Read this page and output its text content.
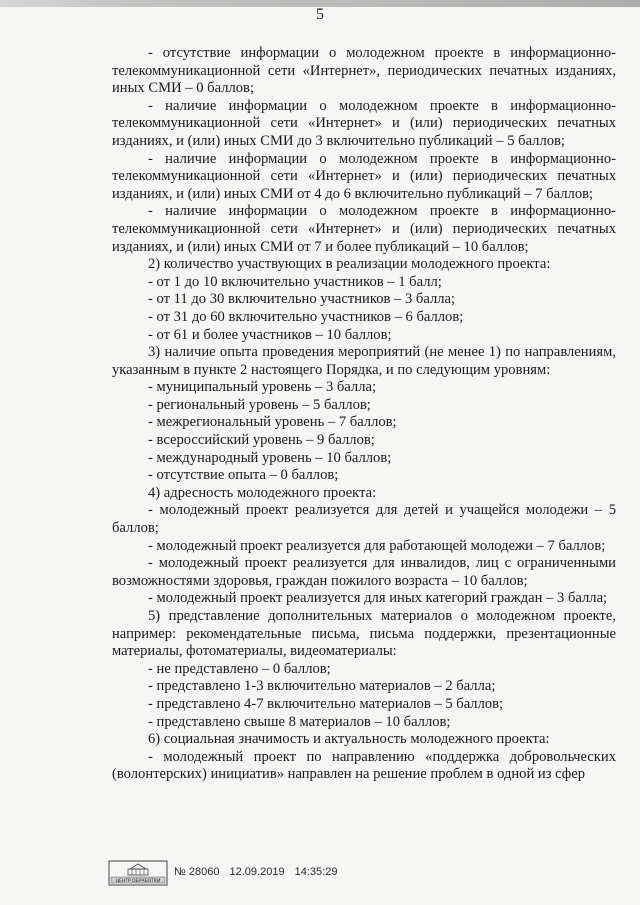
5

- отсутствие информации о молодежном проекте в информационно-телекоммуникационной сети «Интернет», периодических печатных изданиях, иных СМИ – 0 баллов;

- наличие информации о молодежном проекте в информационно-телекоммуникационной сети «Интернет» и (или) периодических печатных изданиях, и (или) иных СМИ до 3 включительно публикаций – 5 баллов;

- наличие информации о молодежном проекте в информационно-телекоммуникационной сети «Интернет» и (или) периодических печатных изданиях, и (или) иных СМИ от 4 до 6 включительно публикаций – 7 баллов;

- наличие информации о молодежном проекте в информационно-телекоммуникационной сети «Интернет» и (или) периодических печатных изданиях, и (или) иных СМИ от 7 и более публикаций – 10 баллов;

2) количество участвующих в реализации молодежного проекта:

- от 1 до 10 включительно участников – 1 балл;

- от 11 до 30 включительно участников – 3 балла;

- от 31 до 60 включительно участников – 6 баллов;

- от 61 и более участников – 10 баллов;

3) наличие опыта проведения мероприятий (не менее 1) по направлениям, указанным в пункте 2 настоящего Порядка, и по следующим уровням:

- муниципальный уровень – 3 балла;

- региональный уровень – 5 баллов;

- межрегиональный уровень – 7 баллов;

- всероссийский уровень – 9 баллов;

- международный уровень – 10 баллов;

- отсутствие опыта – 0 баллов;

4) адресность молодежного проекта:

- молодежный проект реализуется для детей и учащейся молодежи – 5 баллов;

- молодежный проект реализуется для работающей молодежи – 7 баллов;

- молодежный проект реализуется для инвалидов, лиц с ограниченными возможностями здоровья, граждан пожилого возраста – 10 баллов;

- молодежный проект реализуется для иных категорий граждан – 3 балла;

5) представление дополнительных материалов о молодежном проекте, например: рекомендательные письма, письма поддержки, презентационные материалы, фотоматериалы, видеоматериалы:

- не представлено – 0 баллов;

- представлено 1-3 включительно материалов – 2 балла;

- представлено 4-7 включительно материалов – 5 баллов;

- представлено свыше 8 материалов – 10 баллов;

6) социальная значимость и актуальность молодежного проекта:

- молодежный проект по направлению «поддержка добровольческих (волонтерских) инициатив» направлен на решение проблем в одной из сфер

ЦЕНТР ОБРАБОТКИ
№ 28060 12.09.2019 14:35:29
